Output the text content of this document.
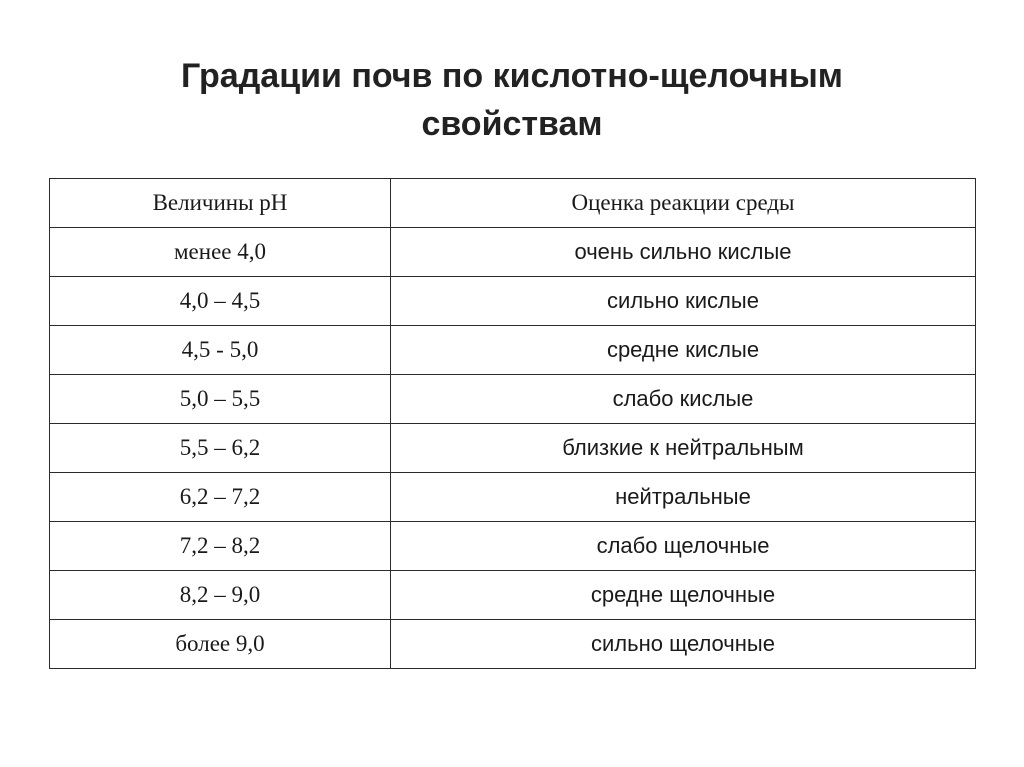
Градации почв по кислотно-щелочным
свойствам
Величины рН	Оценка реакции среды
менее 4,0	очень сильно кислые
4,0 – 4,5	сильно кислые
4,5 - 5,0	средне кислые
5,0 – 5,5	слабо кислые
5,5 – 6,2	близкие к нейтральным
6,2 – 7,2	нейтральные
7,2 – 8,2	слабо щелочные
8,2 – 9,0	средне щелочные
более 9,0	сильно щелочные
